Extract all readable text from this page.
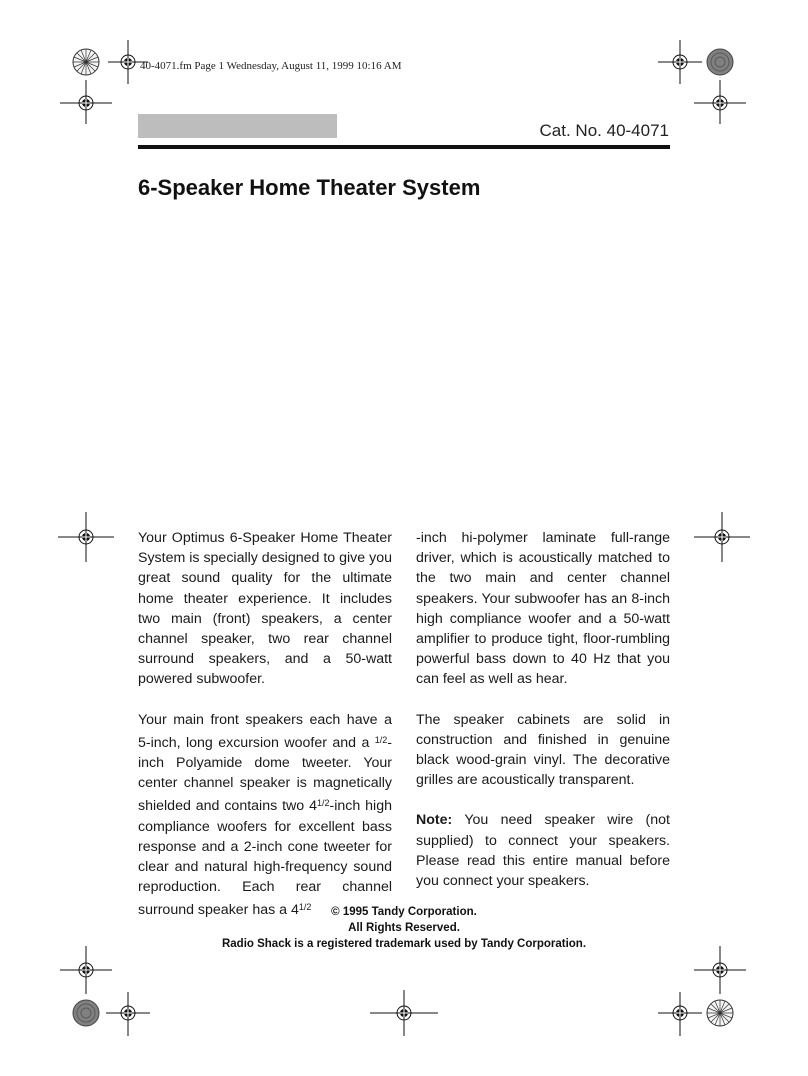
40-4071.fm Page 1 Wednesday, August 11, 1999 10:16 AM
Cat. No. 40-4071
6-Speaker Home Theater System

Your Optimus 6-Speaker Home Theater System is specially designed to give you great sound quality for the ultimate home theater experience. It includes two main (front) speakers, a center channel speaker, two rear channel surround speakers, and a 50-watt powered subwoofer.

Your main front speakers each have a 5-inch, long excursion woofer and a $^{1/2}$-inch Polyamide dome tweeter. Your center channel speaker is magnetically shielded and contains two $4^{1/2}$-inch high compliance woofers for excellent bass response and a 2-inch cone tweeter for clear and natural high-frequency sound reproduction. Each rear channel surround speaker has a $4^{1/2}$

-inch hi-polymer laminate full-range driver, which is acoustically matched to the two main and center channel speakers. Your subwoofer has an 8-inch high compliance woofer and a 50-watt amplifier to produce tight, floor-rumbling powerful bass down to 40 Hz that you can feel as well as hear.

The speaker cabinets are solid in construction and finished in genuine black wood-grain vinyl. The decorative grilles are acoustically transparent.

Note: You need speaker wire (not supplied) to connect your speakers. Please read this entire manual before you connect your speakers.

© 1995 Tandy Corporation.
All Rights Reserved.
Radio Shack is a registered trademark used by Tandy Corporation.
